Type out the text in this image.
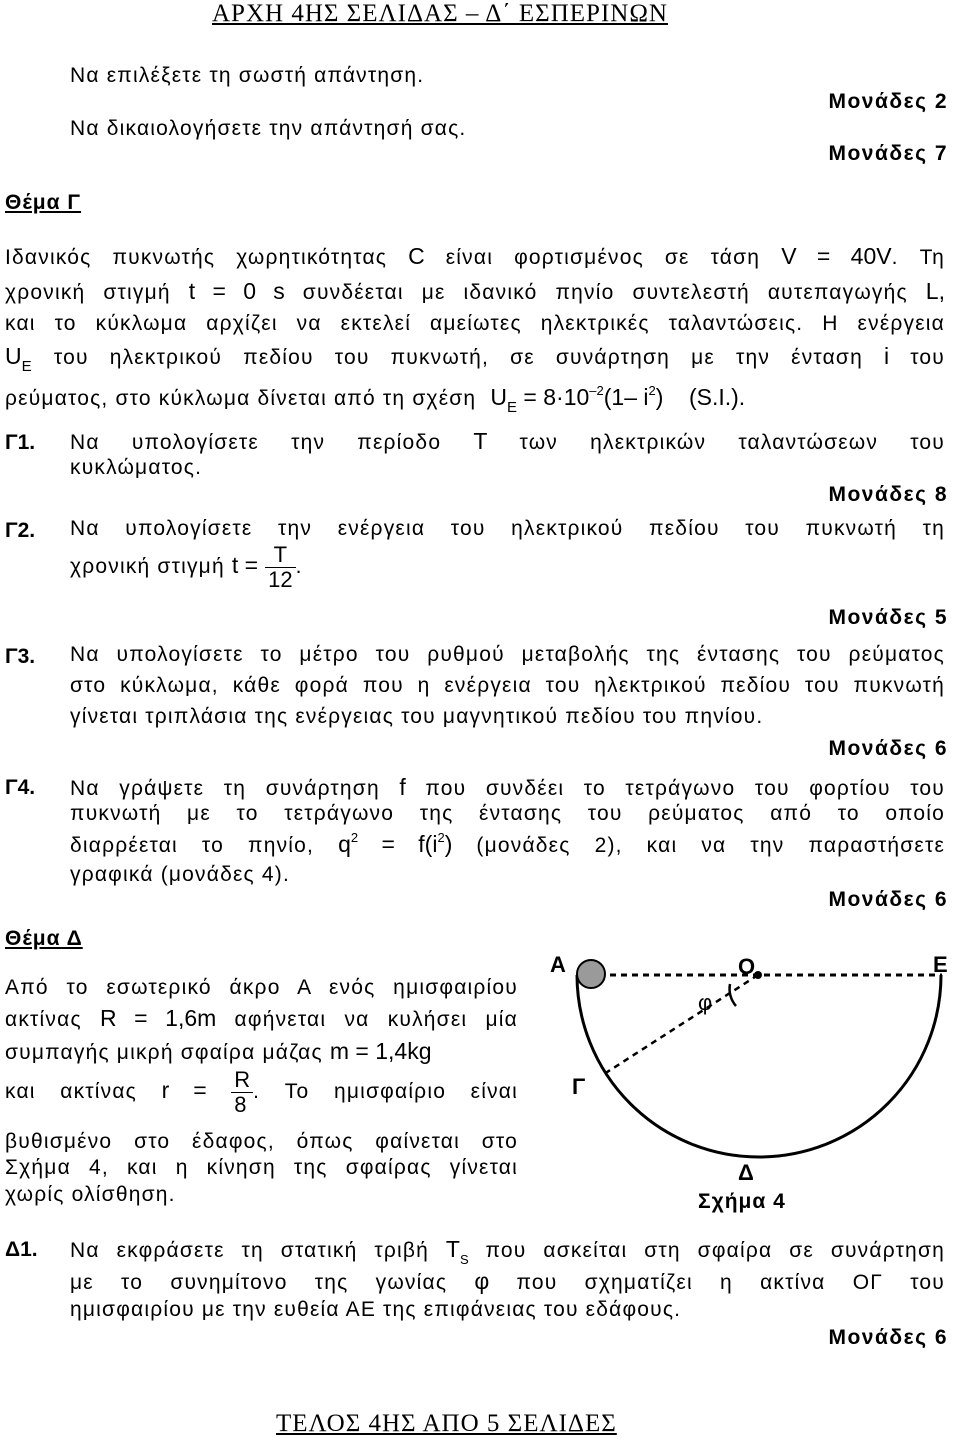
ΑΡΧΗ 4ΗΣ ΣΕΛΙΔΑΣ – Δ΄ ΕΣΠΕΡΙΝΩΝ
Να επιλέξετε τη σωστή απάντηση.
Μονάδες 2
Να δικαιολογήσετε την απάντησή σας.
Μονάδες 7
Θέμα Γ
Ιδανικός πυκνωτής χωρητικότητας C είναι φορτισμένος σε τάση V = 40V. Τη
χρονική στιγμή t = 0 s συνδέεται με ιδανικό πηνίο συντελεστή αυτεπαγωγής L,
και το κύκλωμα αρχίζει να εκτελεί αμείωτες ηλεκτρικές ταλαντώσεις. Η ενέργεια
$U_E$ του ηλεκτρικού πεδίου του πυκνωτή, σε συνάρτηση με την ένταση i του
ρεύματος, στο κύκλωμα δίνεται από τη σχέση $U_E = 8\cdot 10^{-2}(1-$ $i^2$) (S.I.).
Γ1. Να υπολογίσετε την περίοδο T των ηλεκτρικών ταλαντώσεων του
κυκλώματος.
Μονάδες 8
Γ2. Να υπολογίσετε την ενέργεια του ηλεκτρικού πεδίου του πυκνωτή τη
χρονική στιγμή $t = \frac{T}{12}$ .
Μονάδες 5
Γ3. Να υπολογίσετε το μέτρο του ρυθμού μεταβολής της έντασης του ρεύματος
στο κύκλωμα, κάθε φορά που η ενέργεια του ηλεκτρικού πεδίου του πυκνωτή
γίνεται τριπλάσια της ενέργειας του μαγνητικού πεδίου του πηνίου.
Μονάδες 6
Γ4. Να γράψετε τη συνάρτηση f που συνδέει το τετράγωνο του φορτίου του
πυκνωτή με το τετράγωνο της έντασης του ρεύματος από το οποίο
διαρρέεται το πηνίο, $q^2 = f(i^2)$ (μονάδες 2), και να την παραστήσετε
γραφικά (μονάδες 4).
Μονάδες 6
Θέμα Δ
Από το εσωτερικό άκρο Α ενός ημισφαιρίου
ακτίνας R = 1,6m αφήνεται να κυλήσει μία
συμπαγής μικρή σφαίρα μάζας m = 1,4kg
και ακτίνας $r = \frac{R}{8}$ . Το ημισφαίριο είναι
βυθισμένο στο έδαφος, όπως φαίνεται στο
Σχήμα 4, και η κίνηση της σφαίρας γίνεται
χωρίς ολίσθηση.
Α	Ο	Ε
φ
Γ
Δ
Σχήμα 4
Δ1. Να εκφράσετε τη στατική τριβή $T_S$ που ασκείται στη σφαίρα σε συνάρτηση
με το συνημίτονο της γωνίας φ που σχηματίζει η ακτίνα ΟΓ του
ημισφαιρίου με την ευθεία ΑΕ της επιφάνειας του εδάφους.
Μονάδες 6
ΤΕΛΟΣ 4ΗΣ ΑΠΟ 5 ΣΕΛΙΔΕΣ
